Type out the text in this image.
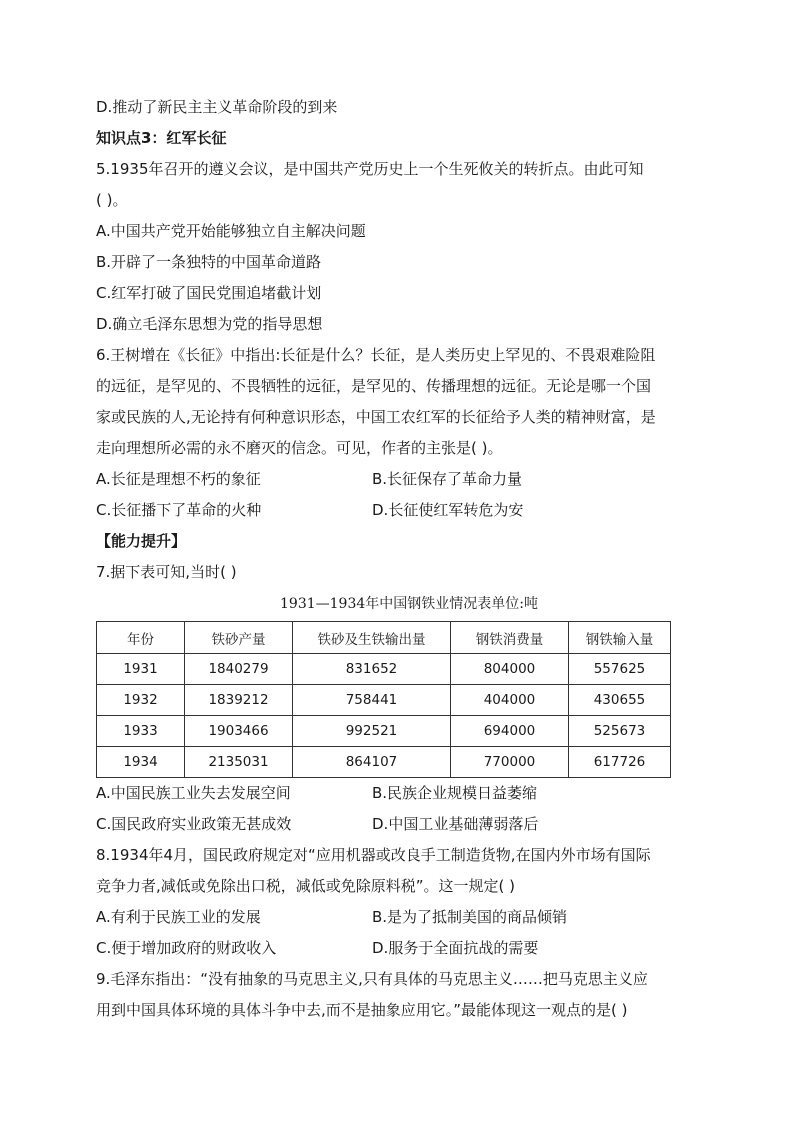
D.推动了新民主主义革命阶段的到来
知识点3：红军长征
5.1935年召开的遵义会议，是中国共产党历史上一个生死攸关的转折点。由此可知
( )。
A.中国共产党开始能够独立自主解决问题
B.开辟了一条独特的中国革命道路
C.红军打破了国民党围追堵截计划
D.确立毛泽东思想为党的指导思想
6.王树增在《长征》中指出:长征是什么？长征，是人类历史上罕见的、不畏艰难险阻
的远征，是罕见的、不畏牺牲的远征，是罕见的、传播理想的远征。无论是哪一个国
家或民族的人,无论持有何种意识形态，中国工农红军的长征给予人类的精神财富，是
走向理想所必需的永不磨灭的信念。可见，作者的主张是( )。
A.长征是理想不朽的象征	B.长征保存了革命力量
C.长征播下了革命的火种	D.长征使红军转危为安
【能力提升】
7.据下表可知,当时( )
1931—1934年中国钢铁业情况表单位:吨
年份	铁砂产量	铁砂及生铁输出量	钢铁消费量	钢铁输入量
1931	1840279	831652	804000	557625
1932	1839212	758441	404000	430655
1933	1903466	992521	694000	525673
1934	2135031	864107	770000	617726
A.中国民族工业失去发展空间	B.民族企业规模日益萎缩
C.国民政府实业政策无甚成效	D.中国工业基础薄弱落后
8.1934年4月，国民政府规定对“应用机器或改良手工制造货物,在国内外市场有国际
竞争力者,减低或免除出口税，减低或免除原料税”。这一规定( )
A.有利于民族工业的发展	B.是为了抵制美国的商品倾销
C.便于增加政府的财政收入	D.服务于全面抗战的需要
9.毛泽东指出：“没有抽象的马克思主义,只有具体的马克思主义……把马克思主义应
用到中国具体环境的具体斗争中去,而不是抽象应用它。”最能体现这一观点的是( )
